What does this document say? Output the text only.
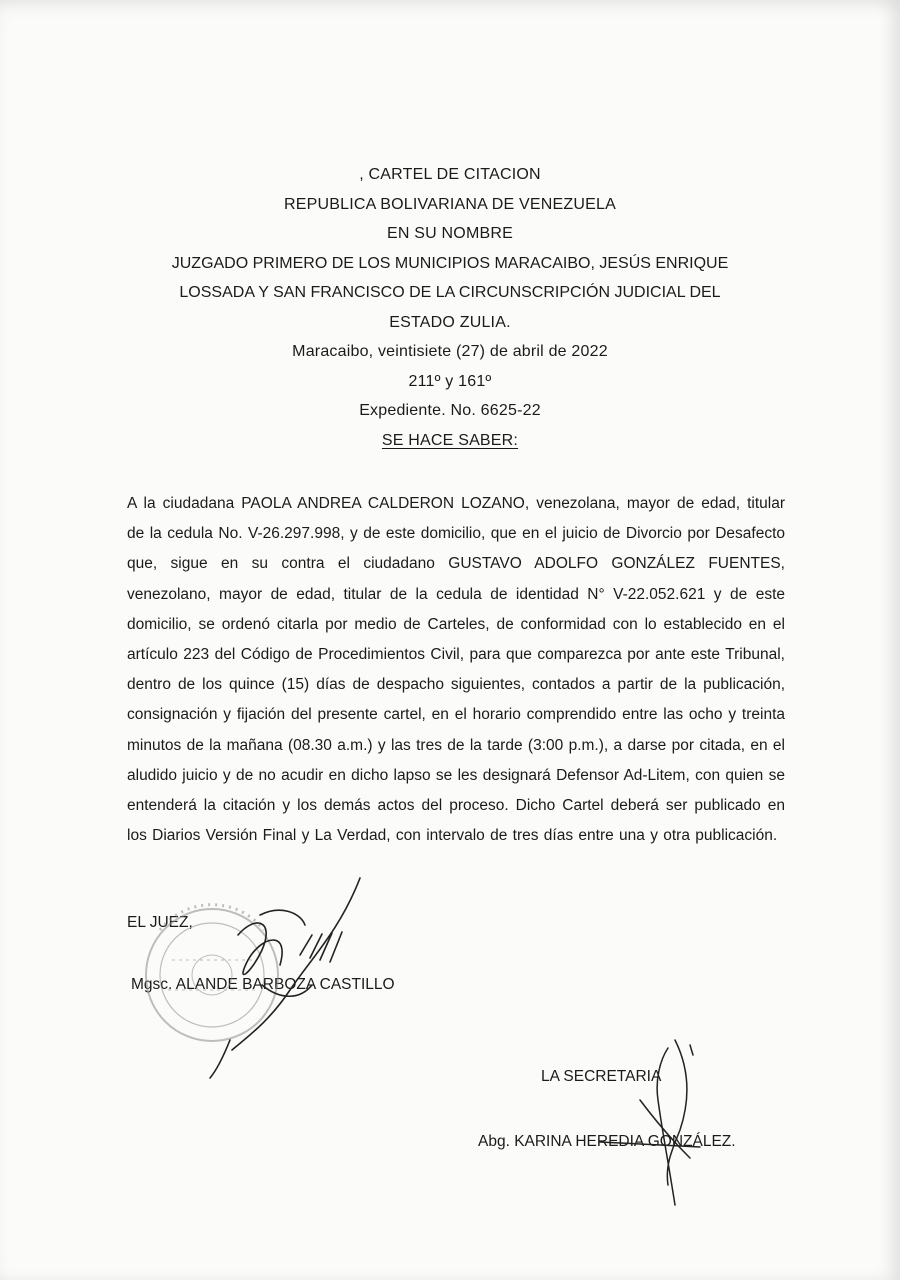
, CARTEL DE CITACION
REPUBLICA BOLIVARIANA DE VENEZUELA
EN SU NOMBRE
JUZGADO PRIMERO DE LOS MUNICIPIOS MARACAIBO, JESÚS ENRIQUE
LOSSADA Y SAN FRANCISCO DE LA CIRCUNSCRIPCIÓN JUDICIAL DEL
ESTADO ZULIA.
Maracaibo, veintisiete (27) de abril de 2022
211º y 161º
Expediente. No. 6625-22
SE HACE SABER:

A la ciudadana PAOLA ANDREA CALDERON LOZANO, venezolana, mayor de edad, titular de la cedula No. V-26.297.998, y de este domicilio, que en el juicio de Divorcio por Desafecto que, sigue en su contra el ciudadano GUSTAVO ADOLFO GONZÁLEZ FUENTES, venezolano, mayor de edad, titular de la cedula de identidad N° V-22.052.621 y de este domicilio, se ordenó citarla por medio de Carteles, de conformidad con lo establecido en el artículo 223 del Código de Procedimientos Civil, para que comparezca por ante este Tribunal, dentro de los quince (15) días de despacho siguientes, contados a partir de la publicación, consignación y fijación del presente cartel, en el horario comprendido entre las ocho y treinta minutos de la mañana (08.30 a.m.) y las tres de la tarde (3:00 p.m.), a darse por citada, en el aludido juicio y de no acudir en dicho lapso se les designará Defensor Ad-Litem, con quien se entenderá la citación y los demás actos del proceso. Dicho Cartel deberá ser publicado en los Diarios Versión Final y La Verdad, con intervalo de tres días entre una y otra publicación.

EL JUEZ,
Mgsc. ALANDE BARBOZA CASTILLO
LA SECRETARIA
Abg. KARINA HEREDIA GONZÁLEZ.
